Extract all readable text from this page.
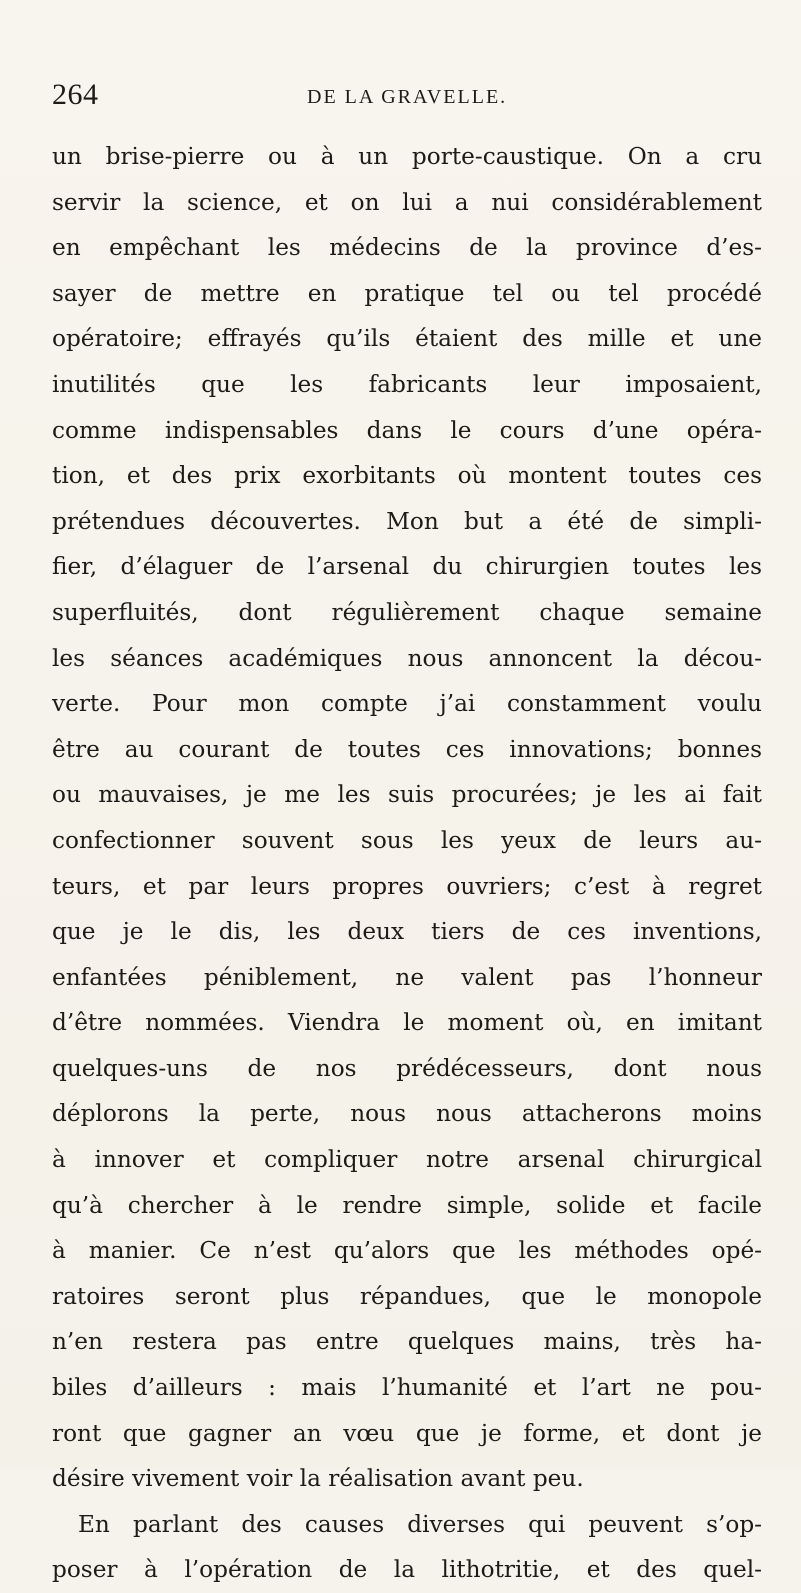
264	DE LA GRAVELLE.
un brise-pierre ou à un porte-caustique. On a cru
servir la science, et on lui a nui considérablement
en empêchant les médecins de la province d’es-
sayer de mettre en pratique tel ou tel procédé
opératoire; effrayés qu’ils étaient des mille et une
inutilités que les fabricants leur imposaient,
comme indispensables dans le cours d’une opéra-
tion, et des prix exorbitants où montent toutes ces
prétendues découvertes. Mon but a été de simpli-
fier, d’élaguer de l’arsenal du chirurgien toutes les
superfluités, dont régulièrement chaque semaine
les séances académiques nous annoncent la décou-
verte. Pour mon compte j’ai constamment voulu
être au courant de toutes ces innovations; bonnes
ou mauvaises, je me les suis procurées; je les ai fait
confectionner souvent sous les yeux de leurs au-
teurs, et par leurs propres ouvriers; c’est à regret
que je le dis, les deux tiers de ces inventions,
enfantées péniblement, ne valent pas l’honneur
d’être nommées. Viendra le moment où, en imitant
quelques-uns de nos prédécesseurs, dont nous
déplorons la perte, nous nous attacherons moins
à innover et compliquer notre arsenal chirurgical
qu’à chercher à le rendre simple, solide et facile
à manier. Ce n’est qu’alors que les méthodes opé-
ratoires seront plus répandues, que le monopole
n’en restera pas entre quelques mains, très ha-
biles d’ailleurs : mais l’humanité et l’art ne pou-
ront que gagner an vœu que je forme, et dont je
désire vivement voir la réalisation avant peu.
En parlant des causes diverses qui peuvent s’op-
poser à l’opération de la lithotritie, et des quel-
